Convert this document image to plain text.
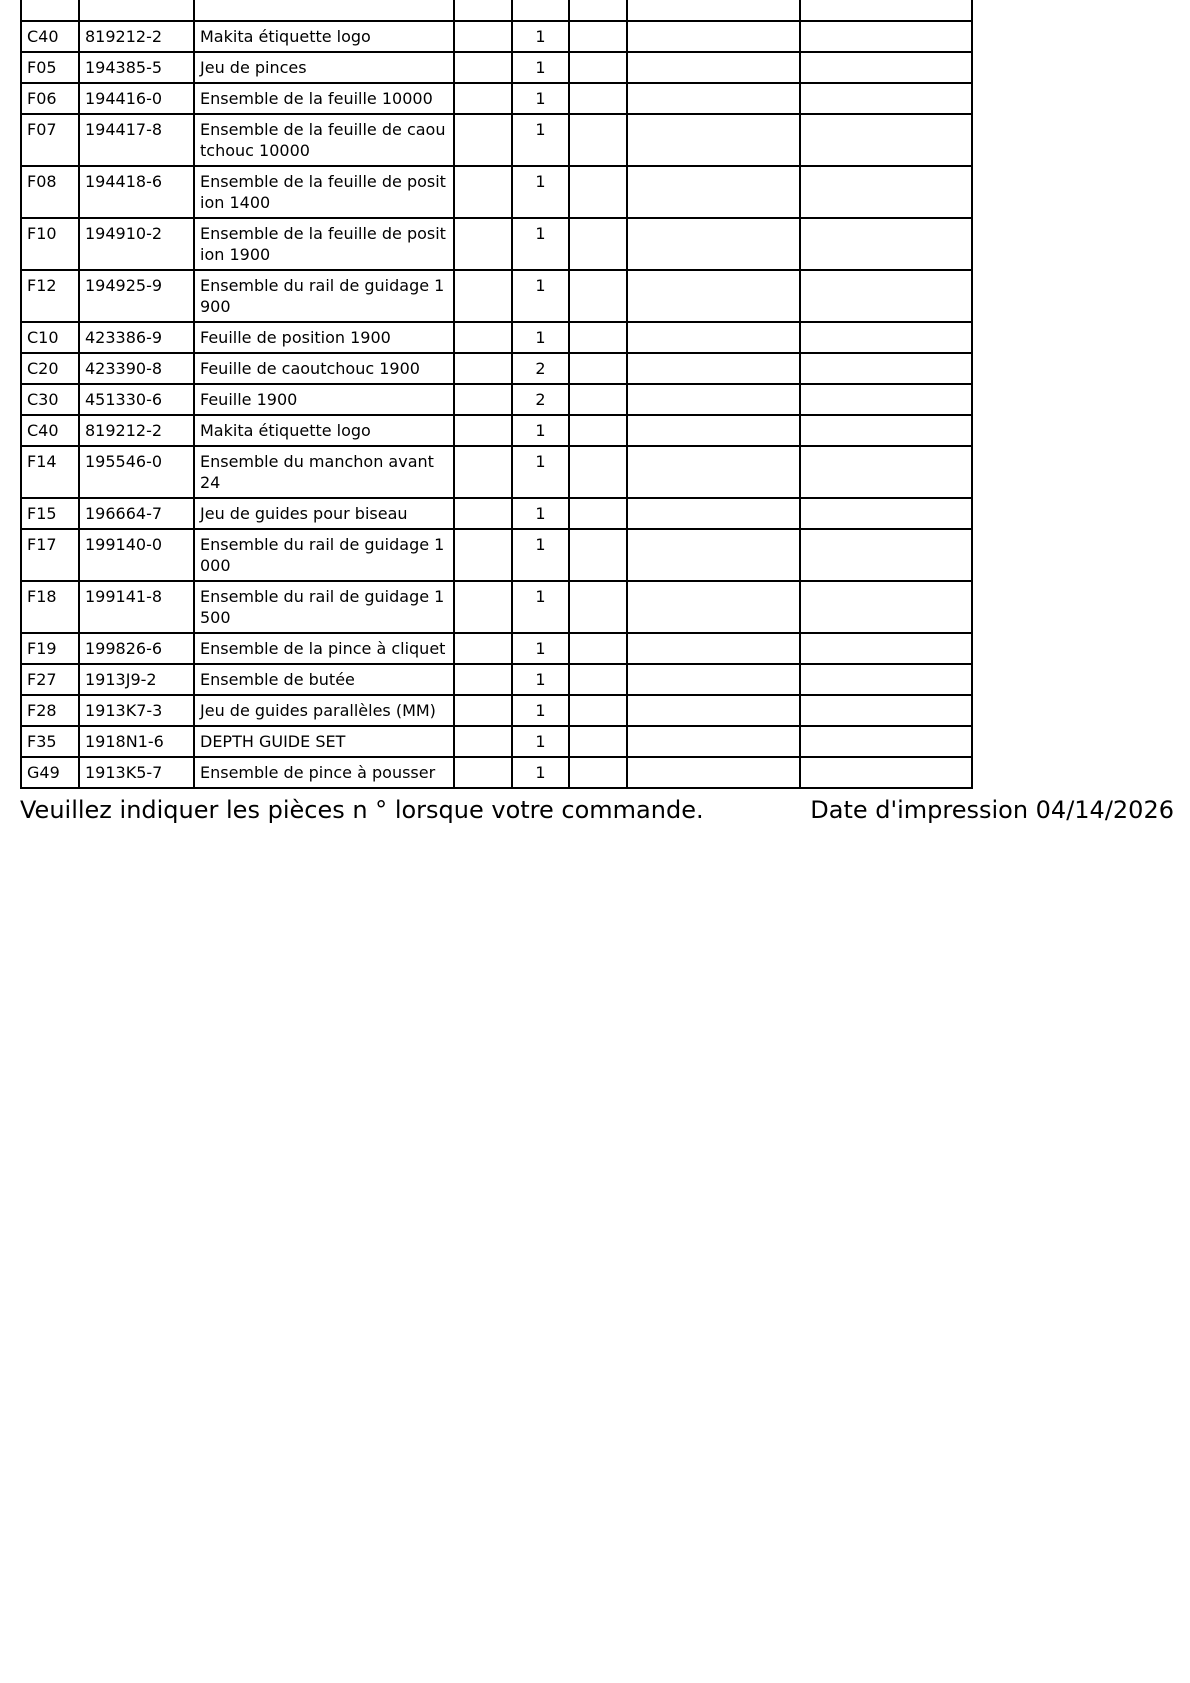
C40	819212-2	Makita étiquette logo		1			
F05	194385-5	Jeu de pinces		1			
F06	194416-0	Ensemble de la feuille 10000		1			
F07	194417-8	Ensemble de la feuille de caoutchouc 10000		1			
F08	194418-6	Ensemble de la feuille de position 1400		1			
F10	194910-2	Ensemble de la feuille de position 1900		1			
F12	194925-9	Ensemble du rail de guidage 1900		1			
C10	423386-9	Feuille de position 1900		1			
C20	423390-8	Feuille de caoutchouc 1900		2			
C30	451330-6	Feuille 1900		2			
C40	819212-2	Makita étiquette logo		1			
F14	195546-0	Ensemble du manchon avant 24		1			
F15	196664-7	Jeu de guides pour biseau		1			
F17	199140-0	Ensemble du rail de guidage 1000		1			
F18	199141-8	Ensemble du rail de guidage 1500		1			
F19	199826-6	Ensemble de la pince à cliquet		1			
F27	1913J9-2	Ensemble de butée		1			
F28	1913K7-3	Jeu de guides parallèles (MM)		1			
F35	1918N1-6	DEPTH GUIDE SET		1			
G49	1913K5-7	Ensemble de pince à pousser		1			
Veuillez indiquer les pièces n ° lorsque votre commande.	Date d'impression 04/14/2026
